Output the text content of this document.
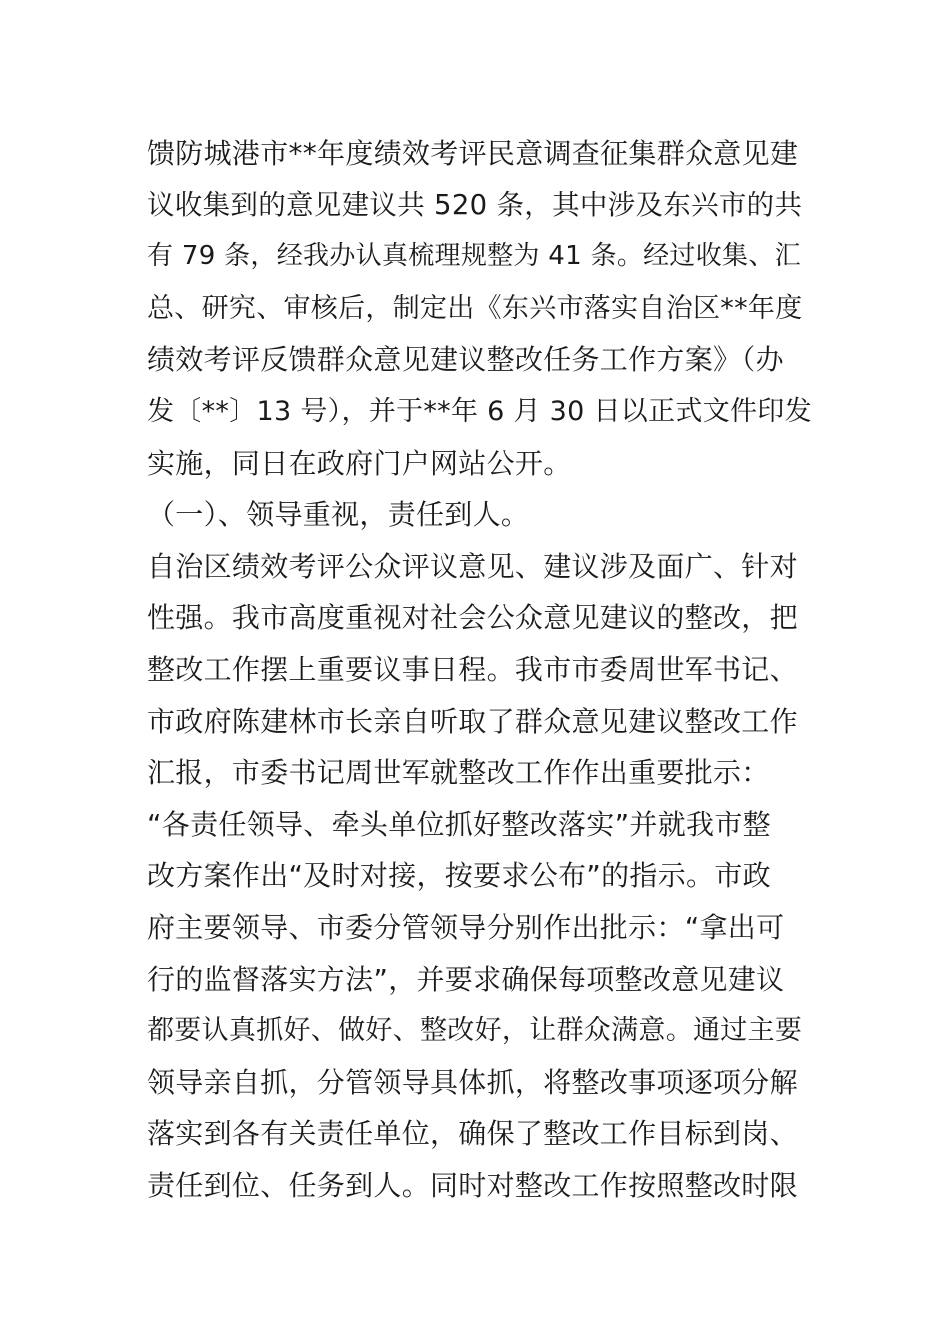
馈防城港市**年度绩效考评民意调查征集群众意见建
议收集到的意见建议共 520 条，其中涉及东兴市的共
有 79 条，经我办认真梳理规整为 41 条。经过收集、汇
总、研究、审核后，制定出《东兴市落实自治区**年度
绩效考评反馈群众意见建议整改任务工作方案》（办
发〔**〕13 号），并于**年 6 月 30 日以正式文件印发
实施，同日在政府门户网站公开。
（一）、领导重视，责任到人。
自治区绩效考评公众评议意见、建议涉及面广、针对
性强。我市高度重视对社会公众意见建议的整改，把
整改工作摆上重要议事日程。我市市委周世军书记、
市政府陈建林市长亲自听取了群众意见建议整改工作
汇报，市委书记周世军就整改工作作出重要批示：
“各责任领导、牵头单位抓好整改落实”并就我市整
改方案作出“及时对接，按要求公布”的指示。市政
府主要领导、市委分管领导分别作出批示：“拿出可
行的监督落实方法”，并要求确保每项整改意见建议
都要认真抓好、做好、整改好，让群众满意。通过主要
领导亲自抓，分管领导具体抓，将整改事项逐项分解
落实到各有关责任单位，确保了整改工作目标到岗、
责任到位、任务到人。同时对整改工作按照整改时限
